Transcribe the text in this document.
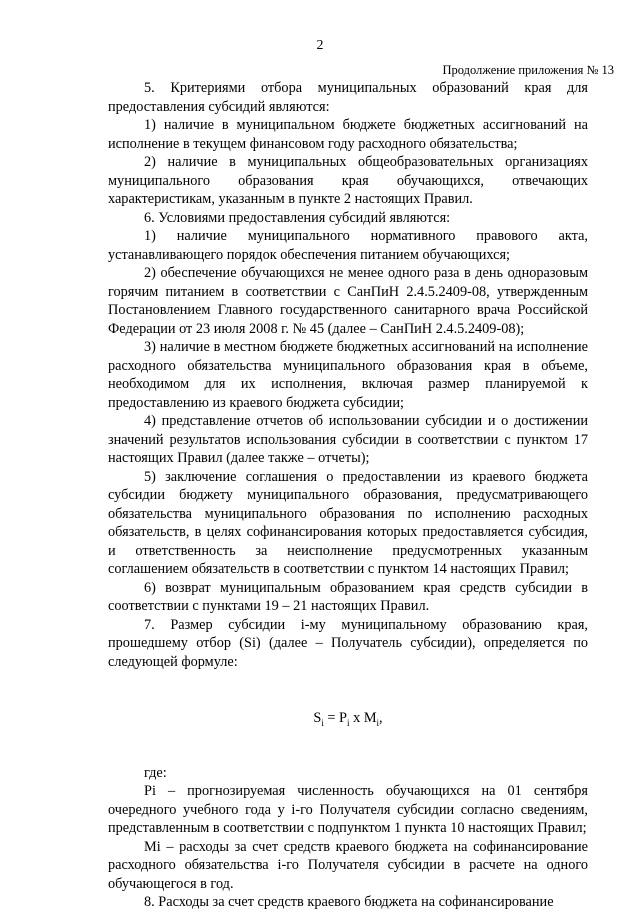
2
Продолжение приложения № 13

5. Критериями отбора муниципальных образований края для предоставления субсидий являются:

1) наличие в муниципальном бюджете бюджетных ассигнований на исполнение в текущем финансовом году расходного обязательства;

2) наличие в муниципальных общеобразовательных организациях муниципального образования края обучающихся, отвечающих характеристикам, указанным в пункте 2 настоящих Правил.

6. Условиями предоставления субсидий являются:

1) наличие муниципального нормативного правового акта, устанавливающего порядок обеспечения питанием обучающихся;

2) обеспечение обучающихся не менее одного раза в день одноразовым горячим питанием в соответствии с СанПиН 2.4.5.2409-08, утвержденным Постановлением Главного государственного санитарного врача Российской Федерации от 23 июля 2008 г. № 45 (далее – СанПиН 2.4.5.2409-08);

3) наличие в местном бюджете бюджетных ассигнований на исполнение расходного обязательства муниципального образования края в объеме, необходимом для их исполнения, включая размер планируемой к предоставлению из краевого бюджета субсидии;

4) представление отчетов об использовании субсидии и о достижении значений результатов использования субсидии в соответствии с пунктом 17 настоящих Правил (далее также – отчеты);

5) заключение соглашения о предоставлении из краевого бюджета субсидии бюджету муниципального образования, предусматривающего обязательства муниципального образования по исполнению расходных обязательств, в целях софинансирования которых предоставляется субсидия, и ответственность за неисполнение предусмотренных указанным соглашением обязательств в соответствии с пунктом 14 настоящих Правил;

6) возврат муниципальным образованием края средств субсидии в соответствии с пунктами 19 – 21 настоящих Правил.

7. Размер субсидии i-му муниципальному образованию края, прошедшему отбор (Si) (далее – Получатель субсидии), определяется по следующей формуле:

$S_i = P_i$ x $M_i$,

где:

Pi – прогнозируемая численность обучающихся на 01 сентября очередного учебного года у i-го Получателя субсидии согласно сведениям, представленным в соответствии с подпунктом 1 пункта 10 настоящих Правил;

Mi – расходы за счет средств краевого бюджета на софинансирование расходного обязательства i-го Получателя субсидии в расчете на одного обучающегося в год.

8. Расходы за счет средств краевого бюджета на софинансирование
